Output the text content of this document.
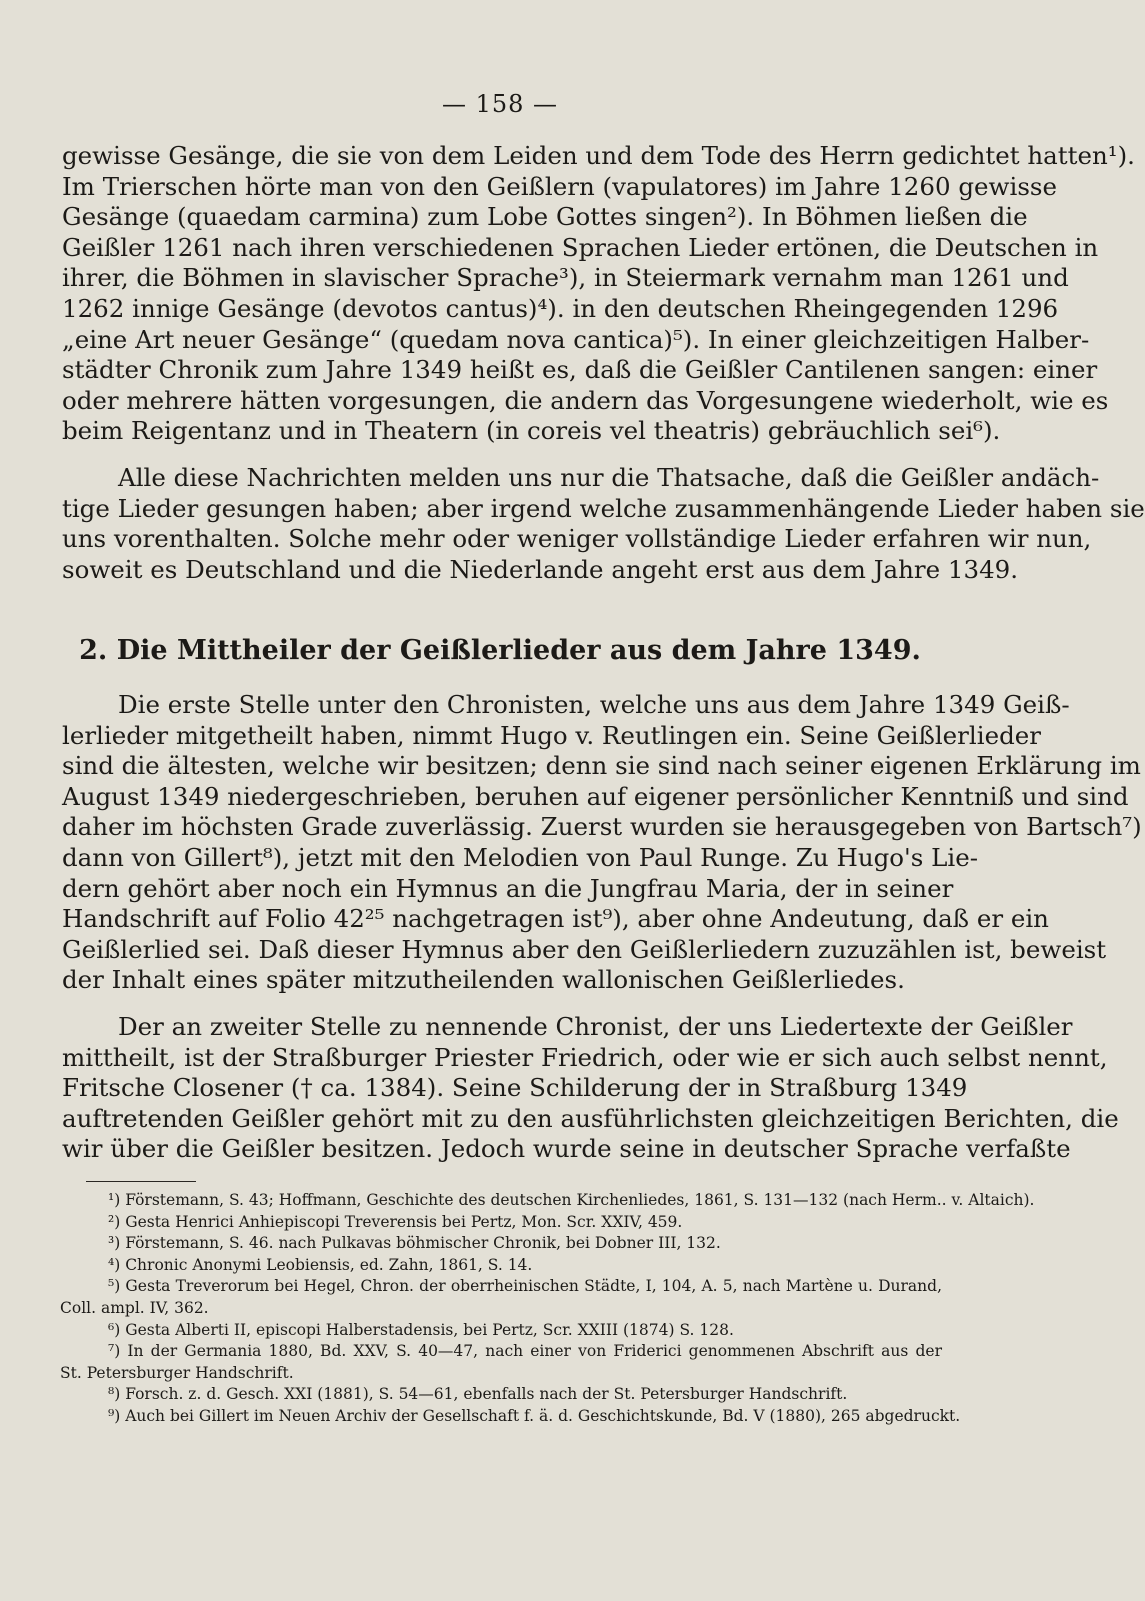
— 158 —
gewisse Gesänge, die sie von dem Leiden und dem Tode des Herrn gedichtet hatten¹).
Im Trierschen hörte man von den Geißlern (vapulatores) im Jahre 1260 gewisse
Gesänge (quaedam carmina) zum Lobe Gottes singen²). In Böhmen ließen die
Geißler 1261 nach ihren verschiedenen Sprachen Lieder ertönen, die Deutschen in
ihrer, die Böhmen in slavischer Sprache³), in Steiermark vernahm man 1261 und
1262 innige Gesänge (devotos cantus)⁴). in den deutschen Rheingegenden 1296
„eine Art neuer Gesänge“ (quedam nova cantica)⁵). In einer gleichzeitigen Halber-
städter Chronik zum Jahre 1349 heißt es, daß die Geißler Cantilenen sangen: einer
oder mehrere hätten vorgesungen, die andern das Vorgesungene wiederholt, wie es
beim Reigentanz und in Theatern (in coreis vel theatris) gebräuchlich sei⁶).
Alle diese Nachrichten melden uns nur die Thatsache, daß die Geißler andäch-
tige Lieder gesungen haben; aber irgend welche zusammenhängende Lieder haben sie
uns vorenthalten. Solche mehr oder weniger vollständige Lieder erfahren wir nun,
soweit es Deutschland und die Niederlande angeht erst aus dem Jahre 1349.
2. Die Mittheiler der Geißlerlieder aus dem Jahre 1349.
Die erste Stelle unter den Chronisten, welche uns aus dem Jahre 1349 Geiß-
lerlieder mitgetheilt haben, nimmt Hugo v. Reutlingen ein. Seine Geißlerlieder
sind die ältesten, welche wir besitzen; denn sie sind nach seiner eigenen Erklärung im
August 1349 niedergeschrieben, beruhen auf eigener persönlicher Kenntniß und sind
daher im höchsten Grade zuverlässig. Zuerst wurden sie herausgegeben von Bartsch⁷)
dann von Gillert⁸), jetzt mit den Melodien von Paul Runge. Zu Hugo's Lie-
dern gehört aber noch ein Hymnus an die Jungfrau Maria, der in seiner
Handschrift auf Folio 42²⁵ nachgetragen ist⁹), aber ohne Andeutung, daß er ein
Geißlerlied sei. Daß dieser Hymnus aber den Geißlerliedern zuzuzählen ist, beweist
der Inhalt eines später mitzutheilenden wallonischen Geißlerliedes.
Der an zweiter Stelle zu nennende Chronist, der uns Liedertexte der Geißler
mittheilt, ist der Straßburger Priester Friedrich, oder wie er sich auch selbst nennt,
Fritsche Closener († ca. 1384). Seine Schilderung der in Straßburg 1349
auftretenden Geißler gehört mit zu den ausführlichsten gleichzeitigen Berichten, die
wir über die Geißler besitzen. Jedoch wurde seine in deutscher Sprache verfaßte
¹) Förstemann, S. 43; Hoffmann, Geschichte des deutschen Kirchenliedes, 1861, S. 131—132 (nach Herm.. v. Altaich).
²) Gesta Henrici Anhiepiscopi Treverensis bei Pertz, Mon. Scr. XXIV, 459.
³) Förstemann, S. 46. nach Pulkavas böhmischer Chronik, bei Dobner III, 132.
⁴) Chronic Anonymi Leobiensis, ed. Zahn, 1861, S. 14.
⁵) Gesta Treverorum bei Hegel, Chron. der oberrheinischen Städte, I, 104, A. 5, nach Martène u. Durand,
Coll. ampl. IV, 362.
⁶) Gesta Alberti II, episcopi Halberstadensis, bei Pertz, Scr. XXIII (1874) S. 128.
⁷) In der Germania 1880, Bd. XXV, S. 40—47, nach einer von Friderici genommenen Abschrift aus der
St. Petersburger Handschrift.
⁸) Forsch. z. d. Gesch. XXI (1881), S. 54—61, ebenfalls nach der St. Petersburger Handschrift.
⁹) Auch bei Gillert im Neuen Archiv der Gesellschaft f. ä. d. Geschichtskunde, Bd. V (1880), 265 abgedruckt.
